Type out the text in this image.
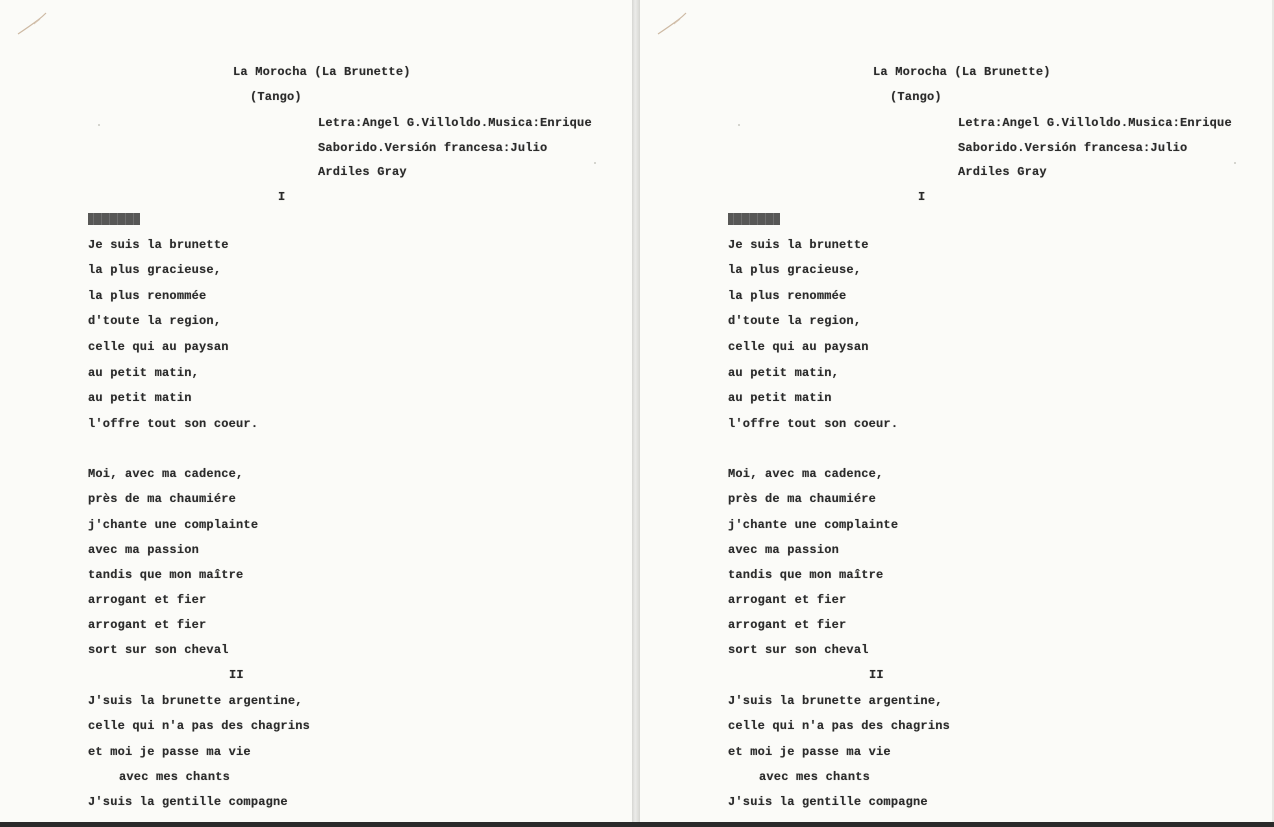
La Morocha (La Brunette)
(Tango)
Letra:Angel G.Villoldo.Musica:Enrique
Saborido.Versión francesa:Julio
Ardiles Gray
I
Je suis la brunette
la plus gracieuse,
la plus renommée
d'toute la region,
celle qui au paysan
au petit matin,
au petit matin
l'offre tout son coeur.
Moi, avec ma cadence,
près de ma chaumiére
j'chante une complainte
avec ma passion
tandis que mon maître
arrogant et fier
arrogant et fier
sort sur son cheval
II
J'suis la brunette argentine,
celle qui n'a pas des chagrins
et moi je passe ma vie
avec mes chants
J'suis la gentille compagne
La Morocha (La Brunette)
(Tango)
Letra:Angel G.Villoldo.Musica:Enrique
Saborido.Versión francesa:Julio
Ardiles Gray
I
Je suis la brunette
la plus gracieuse,
la plus renommée
d'toute la region,
celle qui au paysan
au petit matin,
au petit matin
l'offre tout son coeur.
Moi, avec ma cadence,
près de ma chaumiére
j'chante une complainte
avec ma passion
tandis que mon maître
arrogant et fier
arrogant et fier
sort sur son cheval
II
J'suis la brunette argentine,
celle qui n'a pas des chagrins
et moi je passe ma vie
avec mes chants
J'suis la gentille compagne
